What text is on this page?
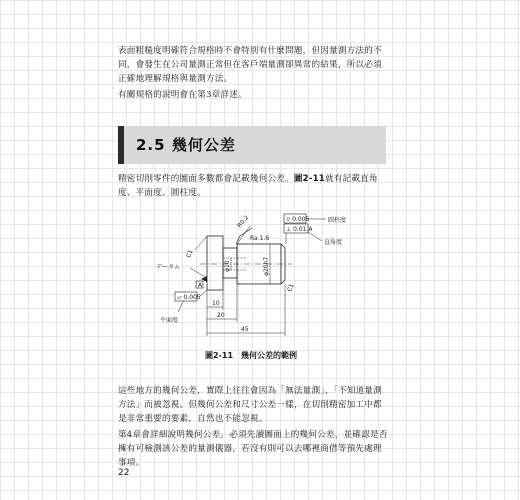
表面粗糙度明確符合規格時不會特別有什麼問題，但因量測方法的不同，會發生在公司量測正常但在客戶端量測卻異常的結果，所以必須正確地理解規格與量測方法。

有關規格的說明會在第3章詳述。

2.5 幾何公差

精密切削零件的圖面多數都會記載幾何公差。圖2-11就有記載直角度、平面度、圓柱度。

⌭ 0.005
⊥ 0.01 A
⏥ 0.005
A
圓柱度
直角度
データム
平面度
Ra 1.6
R0.2
C1
C1
φ10	φ20h7
10
20
45
圖2-11　幾何公差的範例

這些地方的幾何公差，實際上往往會因為「無法量測」、「不知道量測方法」而被忽視。但幾何公差和尺寸公差一樣，在切削精密加工中都是非常重要的要素，自然也不能忽視。

第4章會詳細說明幾何公差。必須先讀圖面上的幾何公差，並確認是否擁有可檢測該公差的量測儀器，若沒有則可以去哪裡商借等預先處理事項。

22
